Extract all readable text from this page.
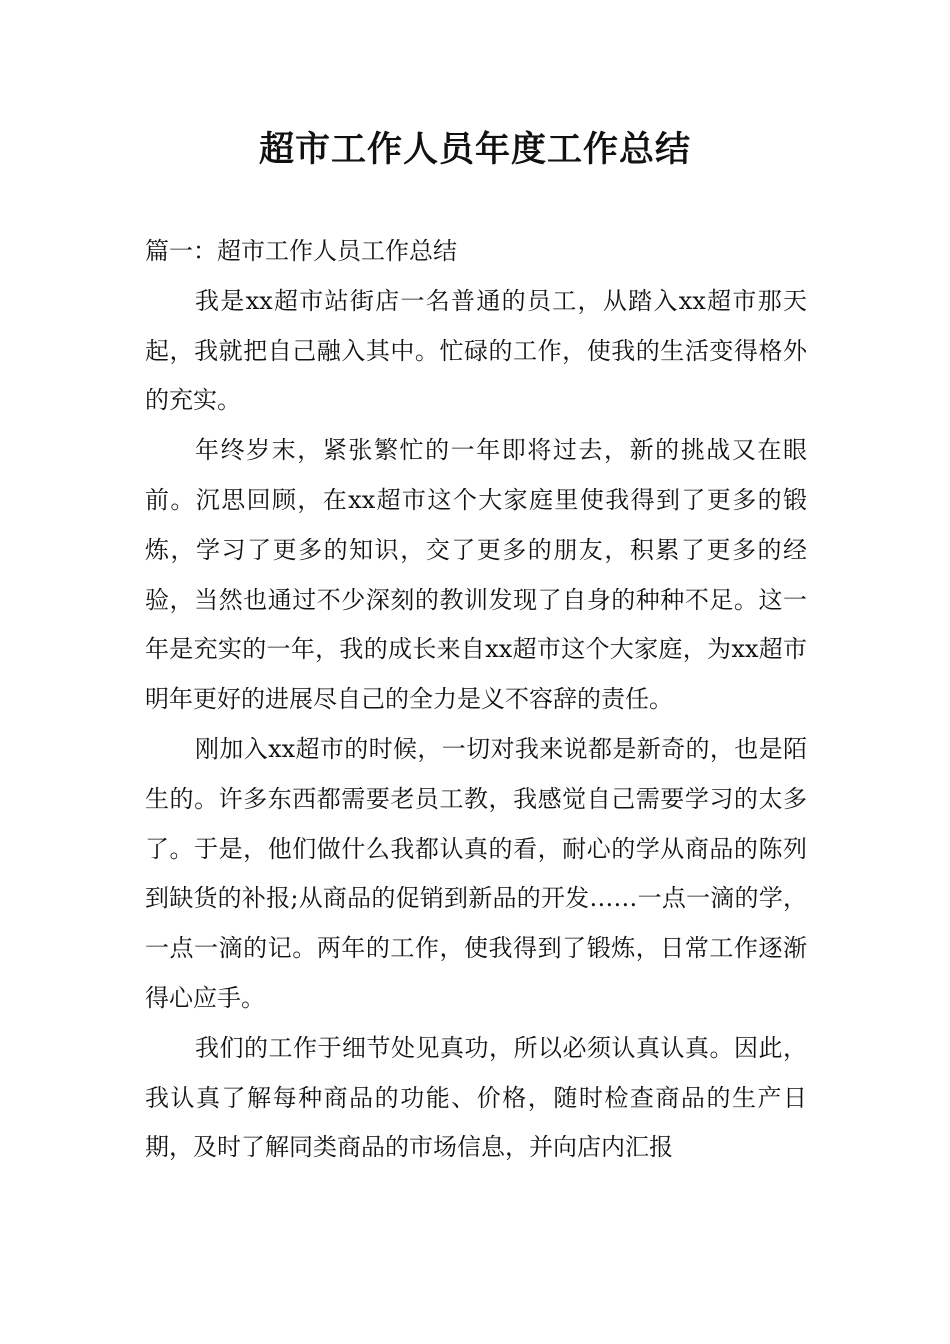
超市工作人员年度工作总结

篇一：超市工作人员工作总结

我是xx超市站街店一名普通的员工，从踏入xx超市那天起，我就把自己融入其中。忙碌的工作，使我的生活变得格外的充实。

年终岁末，紧张繁忙的一年即将过去，新的挑战又在眼前。沉思回顾，在xx超市这个大家庭里使我得到了更多的锻炼，学习了更多的知识，交了更多的朋友，积累了更多的经验，当然也通过不少深刻的教训发现了自身的种种不足。这一年是充实的一年，我的成长来自xx超市这个大家庭，为xx超市明年更好的进展尽自己的全力是义不容辞的责任。

刚加入xx超市的时候，一切对我来说都是新奇的，也是陌生的。许多东西都需要老员工教，我感觉自己需要学习的太多了。于是，他们做什么我都认真的看，耐心的学从商品的陈列到缺货的补报;从商品的促销到新品的开发……一点一滴的学，一点一滴的记。两年的工作，使我得到了锻炼，日常工作逐渐得心应手。

我们的工作于细节处见真功，所以必须认真认真。因此，我认真了解每种商品的功能、价格，随时检查商品的生产日期，及时了解同类商品的市场信息，并向店内汇报
